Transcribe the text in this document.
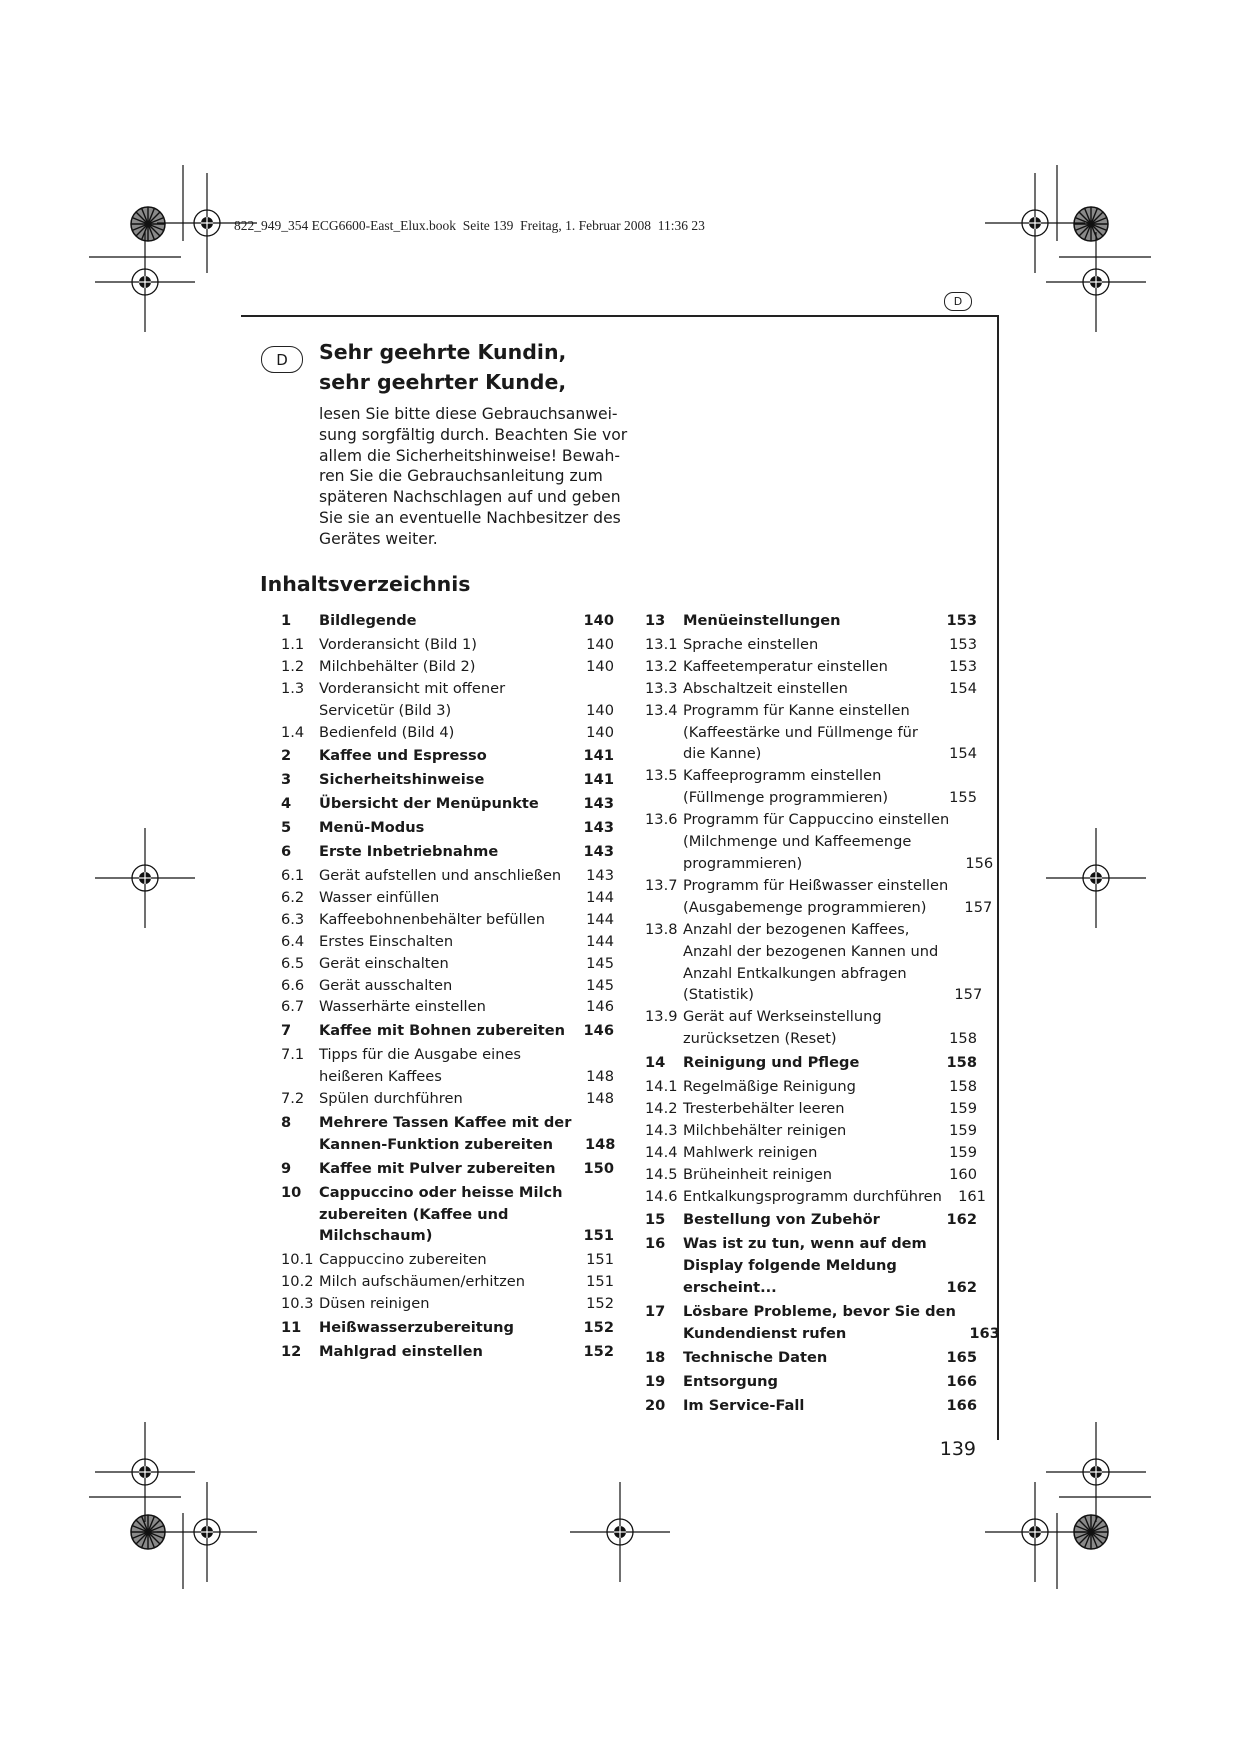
822_949_354 ECG6600-East_Elux.book  Seite 139  Freitag, 1. Februar 2008  11:36 23
D
D	Sehr geehrte Kundin,
sehr geehrter Kunde,
lesen Sie bitte diese Gebrauchsanwei-
sung sorgfältig durch. Beachten Sie vor
allem die Sicherheitshinweise! Bewah-
ren Sie die Gebrauchsanleitung zum
späteren Nachschlagen auf und geben
Sie sie an eventuelle Nachbesitzer des
Gerätes weiter.
Inhaltsverzeichnis
1	Bildlegende	140
1.1	Vorderansicht (Bild 1)	140
1.2	Milchbehälter (Bild 2)	140
1.3	Vorderansicht mit offener
Servicetür (Bild 3)	140
1.4	Bedienfeld (Bild 4)	140
2	Kaffee und Espresso	141
3	Sicherheitshinweise	141
4	Übersicht der Menüpunkte	143
5	Menü-Modus	143
6	Erste Inbetriebnahme	143
6.1	Gerät aufstellen und anschließen	143
6.2	Wasser einfüllen	144
6.3	Kaffeebohnenbehälter befüllen	144
6.4	Erstes Einschalten	144
6.5	Gerät einschalten	145
6.6	Gerät ausschalten	145
6.7	Wasserhärte einstellen	146
7	Kaffee mit Bohnen zubereiten	146
7.1	Tipps für die Ausgabe eines
heißeren Kaffees	148
7.2	Spülen durchführen	148
8	Mehrere Tassen Kaffee mit der
Kannen-Funktion zubereiten	148
9	Kaffee mit Pulver zubereiten	150
10	Cappuccino oder heisse Milch
zubereiten (Kaffee und
Milchschaum)	151
10.1 Cappuccino zubereiten	151
10.2 Milch aufschäumen/erhitzen	151
10.3 Düsen reinigen	152
11	Heißwasserzubereitung	152
12	Mahlgrad einstellen	152
13	Menüeinstellungen	153
13.1 Sprache einstellen	153
13.2 Kaffeetemperatur einstellen	153
13.3 Abschaltzeit einstellen	154
13.4 Programm für Kanne einstellen
(Kaffeestärke und Füllmenge für
die Kanne)	154
13.5 Kaffeeprogramm einstellen
(Füllmenge programmieren)	155
13.6 Programm für Cappuccino einstellen
(Milchmenge und Kaffeemenge
programmieren)	156
13.7 Programm für Heißwasser einstellen
(Ausgabemenge programmieren)	157
13.8 Anzahl der bezogenen Kaffees,
Anzahl der bezogenen Kannen und
Anzahl Entkalkungen abfragen
(Statistik)	157
13.9 Gerät auf Werkseinstellung
zurücksetzen (Reset)	158
14	Reinigung und Pflege	158
14.1 Regelmäßige Reinigung	158
14.2 Tresterbehälter leeren	159
14.3 Milchbehälter reinigen	159
14.4 Mahlwerk reinigen	159
14.5 Brüheinheit reinigen	160
14.6 Entkalkungsprogramm durchführen	161
15	Bestellung von Zubehör	162
16	Was ist zu tun, wenn auf dem
Display folgende Meldung
erscheint...	162
17	Lösbare Probleme, bevor Sie den
Kundendienst rufen	163
18	Technische Daten	165
19	Entsorgung	166
20	Im Service-Fall	166
139
